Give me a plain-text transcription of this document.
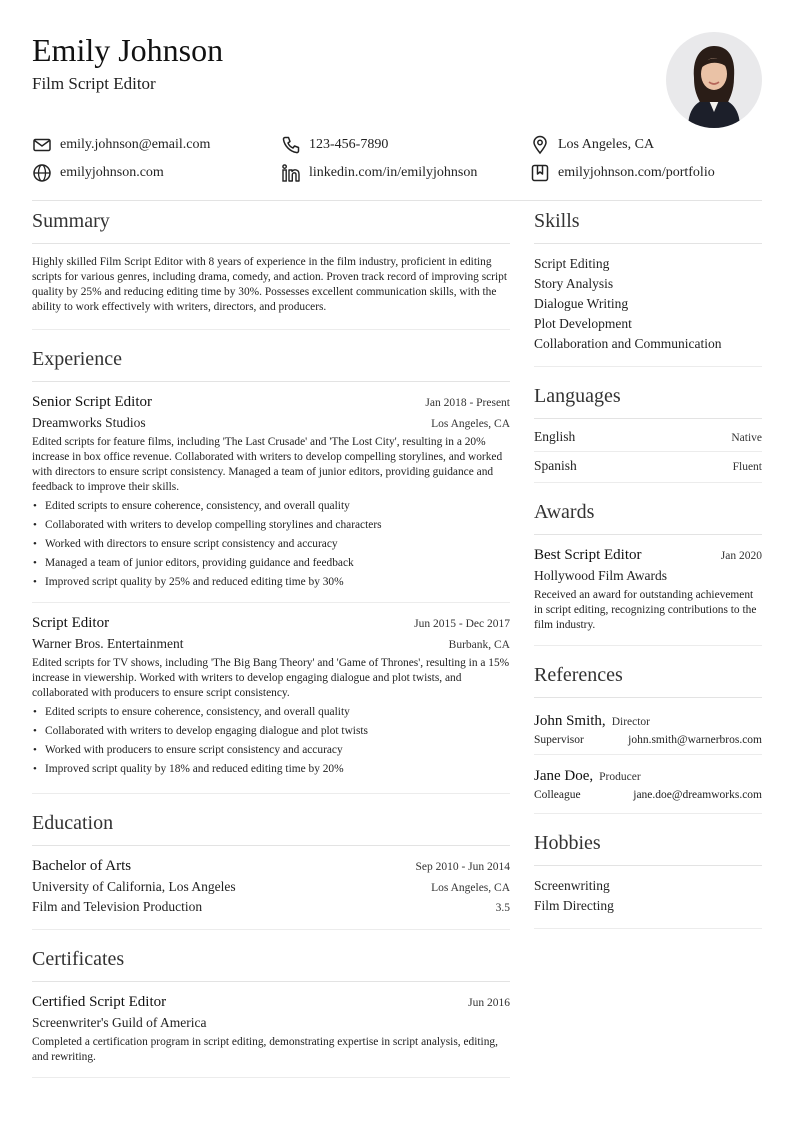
Emily Johnson
Film Script Editor
emily.johnson@email.com	123-456-7890	Los Angeles, CA
emilyjohnson.com	linkedin.com/in/emilyjohnson	emilyjohnson.com/portfolio
Summary
Highly skilled Film Script Editor with 8 years of experience in the film industry, proficient in editing scripts for various genres, including drama, comedy, and action. Proven track record of improving script quality by 25% and reducing editing time by 30%. Possesses excellent communication skills, with the ability to work effectively with writers, directors, and producers.
Experience
Senior Script Editor	Jan 2018 - Present
Dreamworks Studios	Los Angeles, CA
Edited scripts for feature films, including 'The Last Crusade' and 'The Lost City', resulting in a 20% increase in box office revenue. Collaborated with writers to develop compelling storylines, and worked with directors to ensure script consistency. Managed a team of junior editors, providing guidance and feedback to improve their skills.
• Edited scripts to ensure coherence, consistency, and overall quality
• Collaborated with writers to develop compelling storylines and characters
• Worked with directors to ensure script consistency and accuracy
• Managed a team of junior editors, providing guidance and feedback
• Improved script quality by 25% and reduced editing time by 30%
Script Editor	Jun 2015 - Dec 2017
Warner Bros. Entertainment	Burbank, CA
Edited scripts for TV shows, including 'The Big Bang Theory' and 'Game of Thrones', resulting in a 15% increase in viewership. Worked with writers to develop engaging dialogue and plot twists, and collaborated with producers to ensure script consistency.
• Edited scripts to ensure coherence, consistency, and overall quality
• Collaborated with writers to develop engaging dialogue and plot twists
• Worked with producers to ensure script consistency and accuracy
• Improved script quality by 18% and reduced editing time by 20%
Education
Bachelor of Arts	Sep 2010 - Jun 2014
University of California, Los Angeles	Los Angeles, CA
Film and Television Production	3.5
Certificates
Certified Script Editor	Jun 2016
Screenwriter's Guild of America
Completed a certification program in script editing, demonstrating expertise in script analysis, editing, and rewriting.
Skills
Script Editing
Story Analysis
Dialogue Writing
Plot Development
Collaboration and Communication
Languages
English	Native
Spanish	Fluent
Awards
Best Script Editor	Jan 2020
Hollywood Film Awards
Received an award for outstanding achievement in script editing, recognizing contributions to the film industry.
References
John Smith, Director
Supervisor	john.smith@warnerbros.com
Jane Doe, Producer
Colleague	jane.doe@dreamworks.com
Hobbies
Screenwriting
Film Directing
